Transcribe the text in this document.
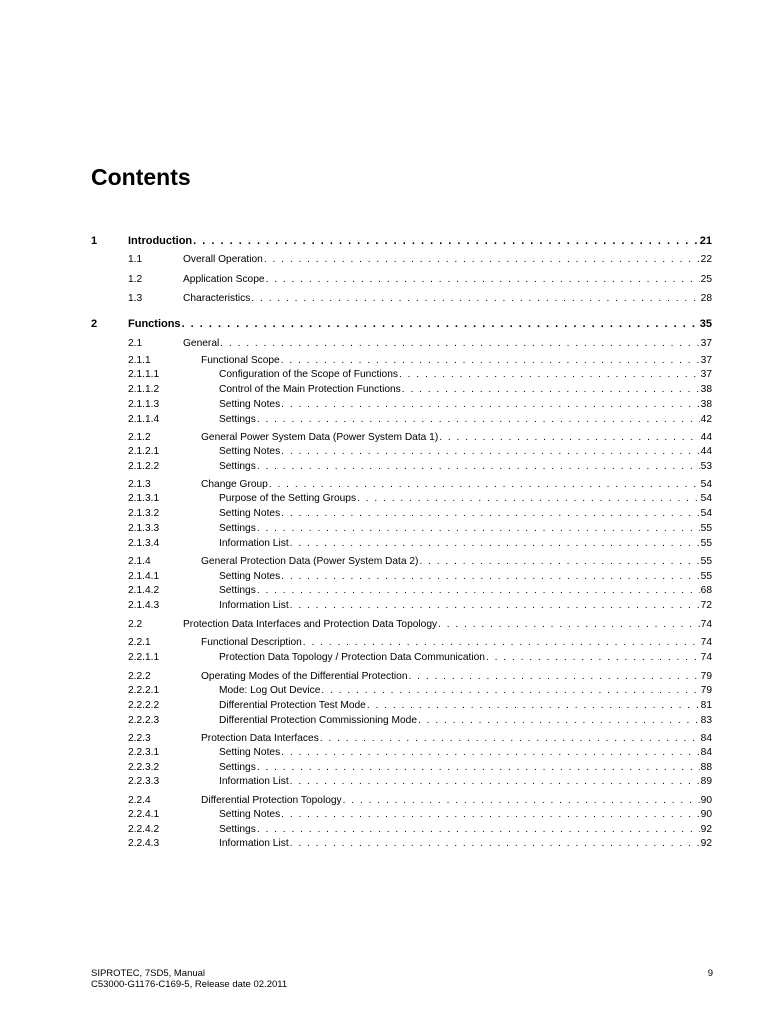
Contents
1	Introduction . . .	21
1.1	Overall Operation . . .	22
1.2	Application Scope . . .	25
1.3	Characteristics . . .	28
2	Functions . . .	35
2.1	General . . .	37
2.1.1	Functional Scope . . .	37
2.1.1.1	Configuration of the Scope of Functions . . .	37
2.1.1.2	Control of the Main Protection Functions . . .	38
2.1.1.3	Setting Notes . . .	38
2.1.1.4	Settings . . .	42
2.1.2	General Power System Data (Power System Data 1) . . .	44
2.1.2.1	Setting Notes . . .	44
2.1.2.2	Settings . . .	53
2.1.3	Change Group . . .	54
2.1.3.1	Purpose of the Setting Groups . . .	54
2.1.3.2	Setting Notes . . .	54
2.1.3.3	Settings . . .	55
2.1.3.4	Information List . . .	55
2.1.4	General Protection Data (Power System Data 2) . . .	55
2.1.4.1	Setting Notes . . .	55
2.1.4.2	Settings . . .	68
2.1.4.3	Information List . . .	72
2.2	Protection Data Interfaces and Protection Data Topology . . .	74
2.2.1	Functional Description . . .	74
2.2.1.1	Protection Data Topology / Protection Data Communication . . .	74
2.2.2	Operating Modes of the Differential Protection . . .	79
2.2.2.1	Mode: Log Out Device . . .	79
2.2.2.2	Differential Protection Test Mode . . .	81
2.2.2.3	Differential Protection Commissioning Mode . . .	83
2.2.3	Protection Data Interfaces . . .	84
2.2.3.1	Setting Notes . . .	84
2.2.3.2	Settings . . .	88
2.2.3.3	Information List . . .	89
2.2.4	Differential Protection Topology . . .	90
2.2.4.1	Setting Notes . . .	90
2.2.4.2	Settings . . .	92
2.2.4.3	Information List . . .	92
SIPROTEC, 7SD5, Manual
C53000-G1176-C169-5, Release date 02.2011
9
